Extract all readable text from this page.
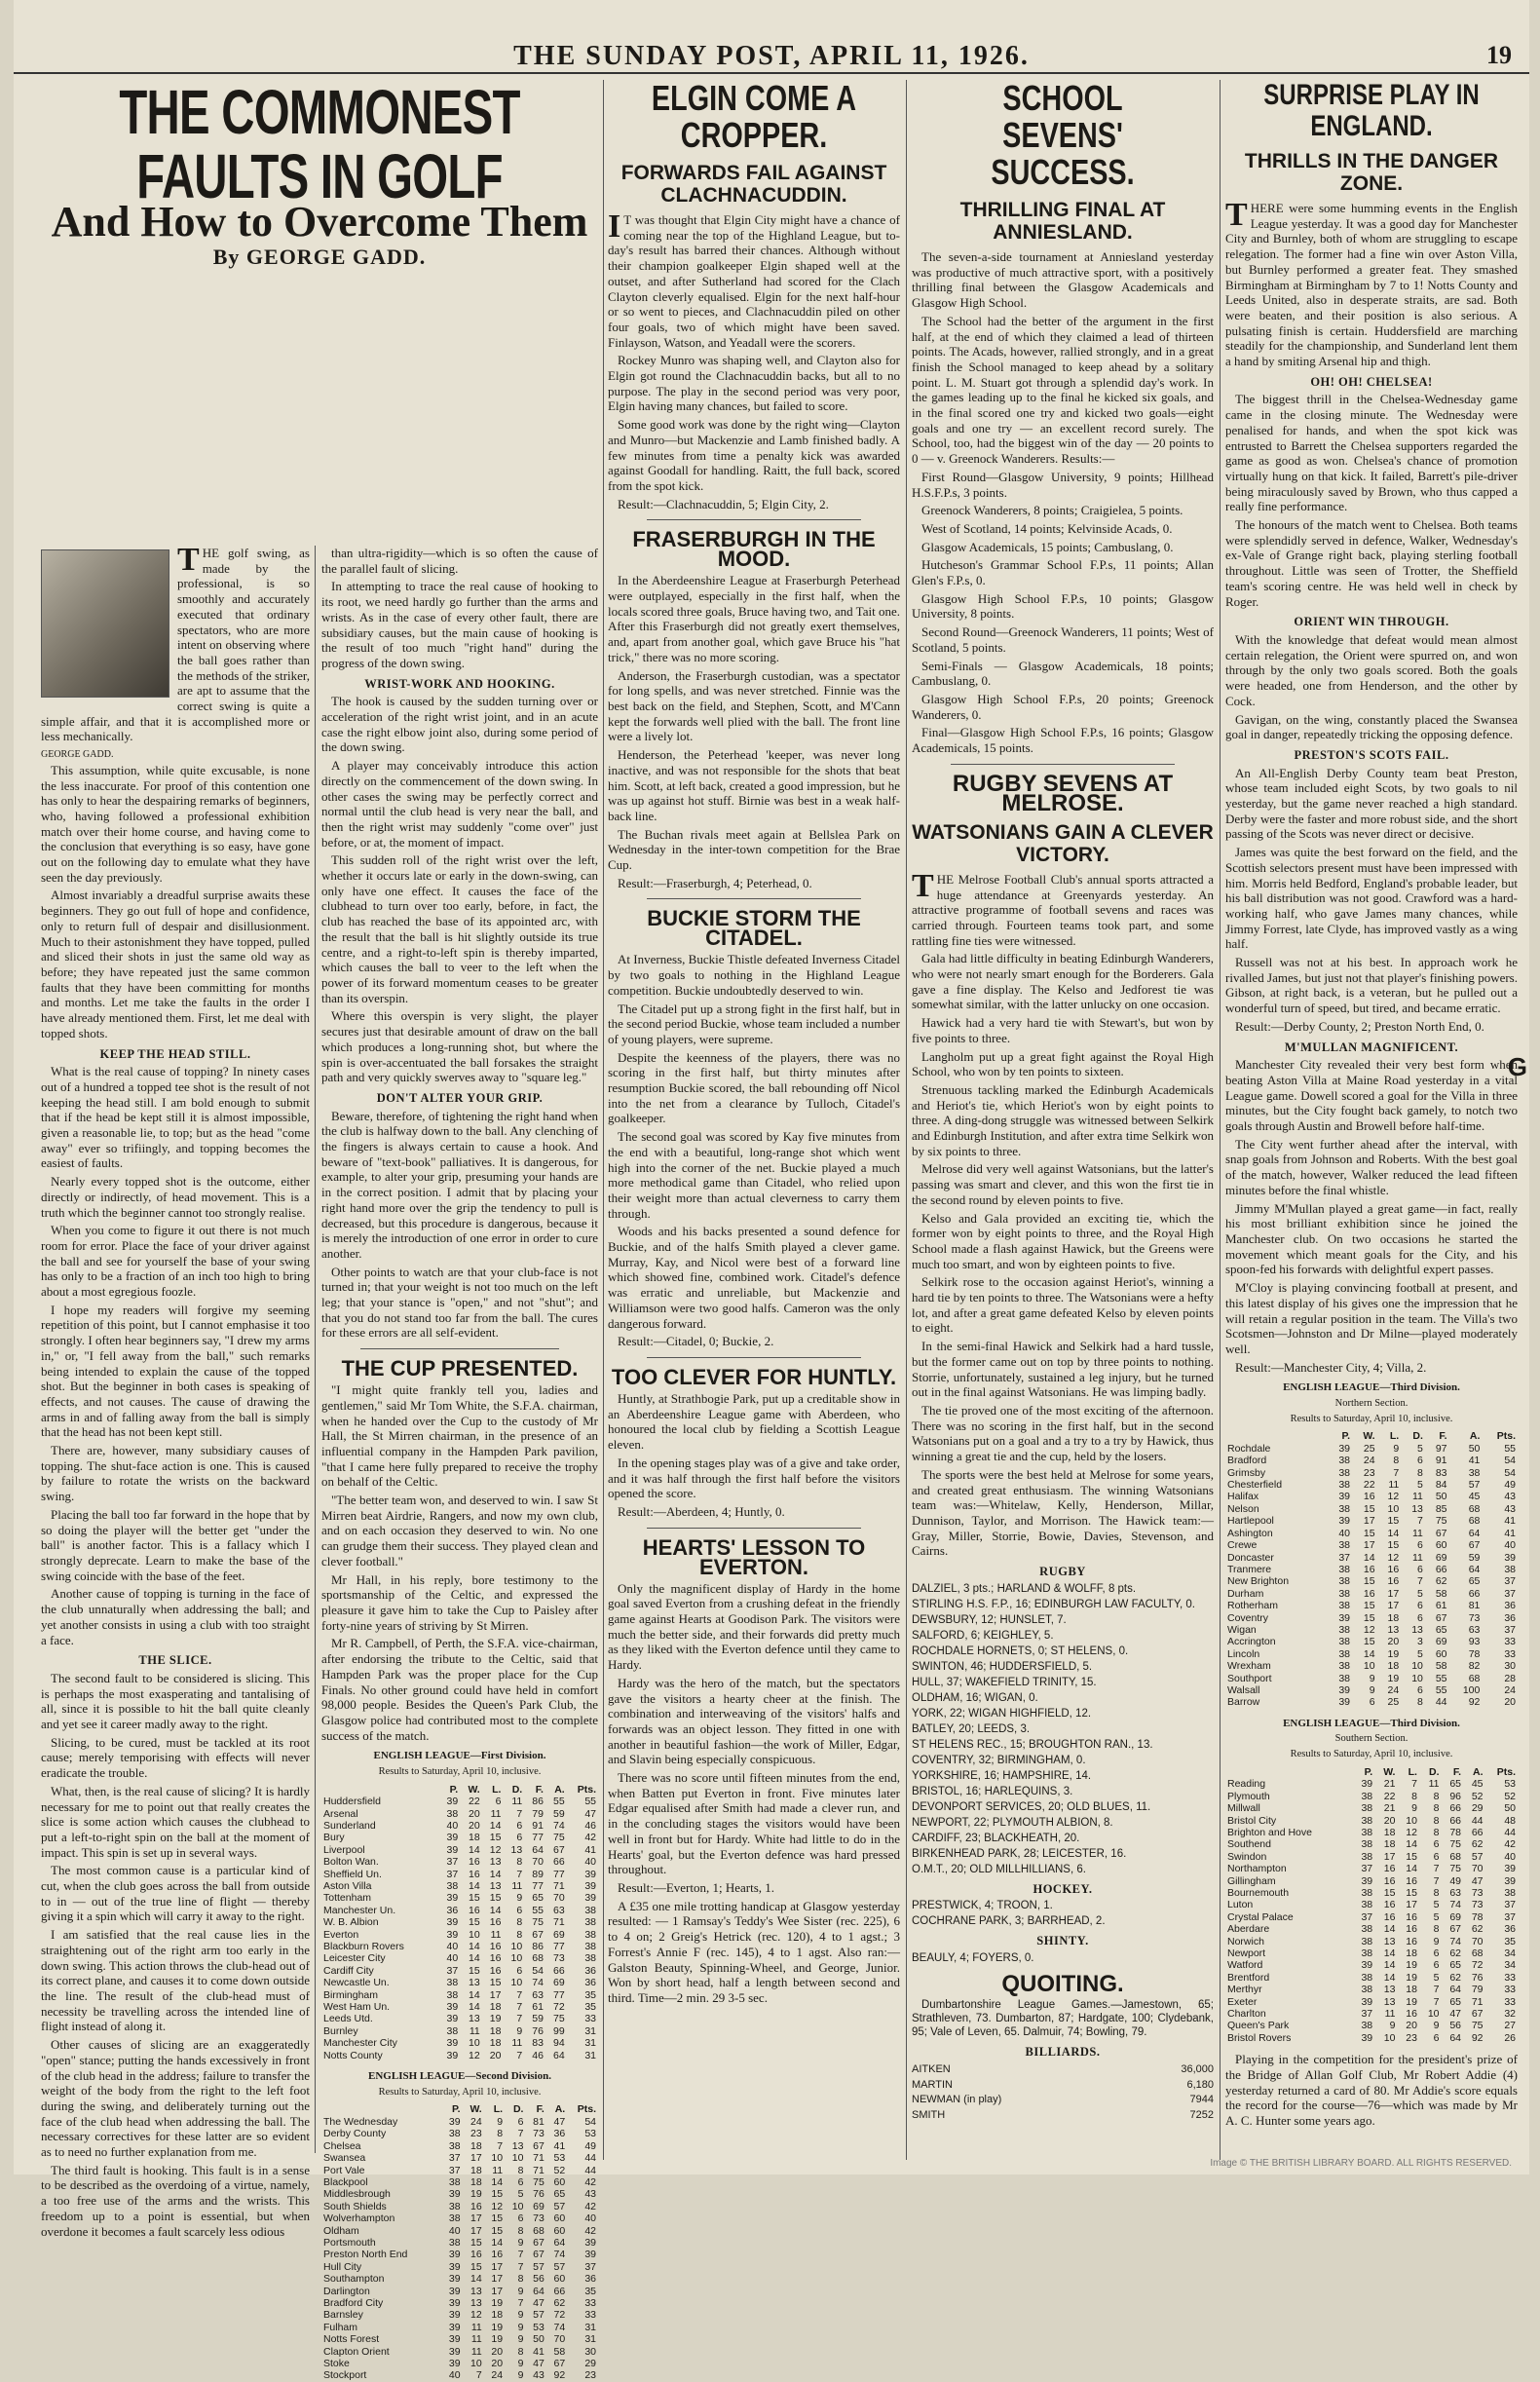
THE SUNDAY POST, APRIL 11, 1926.	19
THE COMMONEST FAULTS IN GOLF
And How to Overcome Them
By GEORGE GADD.

THE golf swing, as made by the professional, is so smoothly and accurately executed that ordinary spectators, who are more intent on observing where the ball goes rather than the methods of the striker, are apt to assume that the correct swing is quite a simple affair, and that it is accomplished more or less mechanically.

GEORGE GADD.

This assumption, while quite excusable, is none the less inaccurate. For proof of this contention one has only to hear the despairing remarks of beginners, who, having followed a professional exhibition match over their home course, and having come to the conclusion that everything is so easy, have gone out on the following day to emulate what they have seen the day previously.

Almost invariably a dreadful surprise awaits these beginners. They go out full of hope and confidence, only to return full of despair and disillusionment. Much to their astonishment they have topped, pulled and sliced their shots in just the same old way as before; they have repeated just the same common faults that they have been committing for months and months. Let me take the faults in the order I have already mentioned them. First, let me deal with topped shots.

KEEP THE HEAD STILL.

What is the real cause of topping? In ninety cases out of a hundred a topped tee shot is the result of not keeping the head still. I am bold enough to submit that if the head be kept still it is almost impossible, given a reasonable lie, to top; but as the head "come away" ever so trifiingly, and topping becomes the easiest of faults.

Nearly every topped shot is the outcome, either directly or indirectly, of head movement. This is a truth which the beginner cannot too strongly realise.

When you come to figure it out there is not much room for error. Place the face of your driver against the ball and see for yourself the base of your swing has only to be a fraction of an inch too high to bring about a most egregious foozle.

I hope my readers will forgive my seeming repetition of this point, but I cannot emphasise it too strongly. I often hear beginners say, "I drew my arms in," or, "I fell away from the ball," such remarks being intended to explain the cause of the topped shot. But the beginner in both cases is speaking of effects, and not causes. The cause of drawing the arms in and of falling away from the ball is simply that the head has not been kept still.

There are, however, many subsidiary causes of topping. The shut-face action is one. This is caused by failure to rotate the wrists on the backward swing.

Placing the ball too far forward in the hope that by so doing the player will the better get "under the ball" is another factor. This is a fallacy which I strongly deprecate. Learn to make the base of the swing coincide with the base of the feet.

Another cause of topping is turning in the face of the club unnaturally when addressing the ball; and yet another consists in using a club with too straight a face.

THE SLICE.

The second fault to be considered is slicing. This is perhaps the most exasperating and tantalising of all, since it is possible to hit the ball quite cleanly and yet see it career madly away to the right.

Slicing, to be cured, must be tackled at its root cause; merely temporising with effects will never eradicate the trouble.

What, then, is the real cause of slicing? It is hardly necessary for me to point out that really creates the slice is some action which causes the clubhead to put a left-to-right spin on the ball at the moment of impact. This spin is set up in several ways.

The most common cause is a particular kind of cut, when the club goes across the ball from outside to in — out of the true line of flight — thereby giving it a spin which will carry it away to the right.

I am satisfied that the real cause lies in the straightening out of the right arm too early in the down swing. This action throws the club-head out of its correct plane, and causes it to come down outside the line. The result of the club-head must of necessity be travelling across the intended line of flight instead of along it.

Other causes of slicing are an exaggeratedly "open" stance; putting the hands excessively in front of the club head in the address; failure to transfer the weight of the body from the right to the left foot during the swing, and deliberately turning out the face of the club head when addressing the ball. The necessary correctives for these latter are so evident as to need no further explanation from me.

The third fault is hooking. This fault is in a sense to be described as the overdoing of a virtue, namely, a too free use of the arms and the wrists. This freedom up to a point is essential, but when overdone it becomes a fault scarcely less odious

than ultra-rigidity—which is so often the cause of the parallel fault of slicing.

In attempting to trace the real cause of hooking to its root, we need hardly go further than the arms and wrists. As in the case of every other fault, there are subsidiary causes, but the main cause of hooking is the result of too much "right hand" during the progress of the down swing.

WRIST-WORK AND HOOKING.

The hook is caused by the sudden turning over or acceleration of the right wrist joint, and in an acute case the right elbow joint also, during some period of the down swing.

A player may conceivably introduce this action directly on the commencement of the down swing. In other cases the swing may be perfectly correct and normal until the club head is very near the ball, and then the right wrist may suddenly "come over" just before, or at, the moment of impact.

This sudden roll of the right wrist over the left, whether it occurs late or early in the down-swing, can only have one effect. It causes the face of the clubhead to turn over too early, before, in fact, the club has reached the base of its appointed arc, with the result that the ball is hit slightly outside its true centre, and a right-to-left spin is thereby imparted, which causes the ball to veer to the left when the power of its forward momentum ceases to be greater than its overspin.

Where this overspin is very slight, the player secures just that desirable amount of draw on the ball which produces a long-running shot, but where the spin is over-accentuated the ball forsakes the straight path and very quickly swerves away to "square leg."

DON'T ALTER YOUR GRIP.

Beware, therefore, of tightening the right hand when the club is halfway down to the ball. Any clenching of the fingers is always certain to cause a hook. And beware of "text-book" palliatives. It is dangerous, for example, to alter your grip, presuming your hands are in the correct position. I admit that by placing your right hand more over the grip the tendency to pull is decreased, but this procedure is dangerous, because it is merely the introduction of one error in order to cure another.

Other points to watch are that your club-face is not turned in; that your weight is not too much on the left leg; that your stance is "open," and not "shut"; and that you do not stand too far from the ball. The cures for these errors are all self-evident.

THE CUP PRESENTED.

"I might quite frankly tell you, ladies and gentlemen," said Mr Tom White, the S.F.A. chairman, when he handed over the Cup to the custody of Mr Hall, the St Mirren chairman, in the presence of an influential company in the Hampden Park pavilion, "that I came here fully prepared to receive the trophy on behalf of the Celtic.

"The better team won, and deserved to win. I saw St Mirren beat Airdrie, Rangers, and now my own club, and on each occasion they deserved to win. No one can grudge them their success. They played clean and clever football."

Mr Hall, in his reply, bore testimony to the sportsmanship of the Celtic, and expressed the pleasure it gave him to take the Cup to Paisley after forty-nine years of striving by St Mirren.

Mr R. Campbell, of Perth, the S.F.A. vice-chairman, after endorsing the tribute to the Celtic, said that Hampden Park was the proper place for the Cup Finals. No other ground could have held in comfort 98,000 people. Besides the Queen's Park Club, the Glasgow police had contributed most to the complete success of the match.

ENGLISH LEAGUE—First Division.
Results to Saturday, April 10, inclusive.
	P.	W.	L.	D.	F.	A.	Pts.
Huddersfield	39	22	6	11	86	55	55
Arsenal	38	20	11	7	79	59	47
Sunderland	40	20	14	6	91	74	46
Bury	39	18	15	6	77	75	42
Liverpool	39	14	12	13	64	67	41
Bolton Wan.	37	16	13	8	70	66	40
Sheffield Un.	37	16	14	7	89	77	39
Aston Villa	38	14	13	11	77	71	39
Tottenham	39	15	15	9	65	70	39
Manchester Un.	36	16	14	6	55	63	38
W. B. Albion	39	15	16	8	75	71	38
Everton	39	10	11	8	67	69	38
Blackburn Rovers	40	14	16	10	86	77	38
Leicester City	40	14	16	10	68	73	38
Cardiff City	37	15	16	6	54	66	36
Newcastle Un.	38	13	15	10	74	69	36
Birmingham	38	14	17	7	63	77	35
West Ham Un.	39	14	18	7	61	72	35
Leeds Utd.	39	13	19	7	59	75	33
Burnley	38	11	18	9	76	99	31
Manchester City	39	10	18	11	83	94	31
Notts County	39	12	20	7	46	64	31
ENGLISH LEAGUE—Second Division.
Results to Saturday, April 10, inclusive.
	P.	W.	L.	D.	F.	A.	Pts.
The Wednesday	39	24	9	6	81	47	54
Derby County	38	23	8	7	73	36	53
Chelsea	38	18	7	13	67	41	49
Swansea	37	17	10	10	71	53	44
Port Vale	37	18	11	8	71	52	44
Blackpool	38	18	14	6	75	60	42
Middlesbrough	39	19	15	5	76	65	43
South Shields	38	16	12	10	69	57	42
Wolverhampton	38	17	15	6	73	60	40
Oldham	40	17	15	8	68	60	42
Portsmouth	38	15	14	9	67	64	39
Preston North End	39	16	16	7	67	74	39
Hull City	39	15	17	7	57	57	37
Southampton	39	14	17	8	56	60	36
Darlington	39	13	17	9	64	66	35
Bradford City	39	13	19	7	47	62	33
Barnsley	39	12	18	9	57	72	33
Fulham	39	11	19	9	53	74	31
Notts Forest	39	11	19	9	50	70	31
Clapton Orient	39	11	20	8	41	58	30
Stoke	39	10	20	9	47	67	29
Stockport	40	7	24	9	43	92	23
ELGIN COME A CROPPER.
FORWARDS FAIL AGAINST CLACHNACUDDIN.

I T was thought that Elgin City might have a chance of coming near the top of the Highland League, but to-day's result has barred their chances. Although without their champion goalkeeper Elgin shaped well at the outset, and after Sutherland had scored for the Clach Clayton cleverly equalised. Elgin for the next half-hour or so went to pieces, and Clachnacuddin piled on other four goals, two of which might have been saved. Finlayson, Watson, and Yeadall were the scorers.

Rockey Munro was shaping well, and Clayton also for Elgin got round the Clachnacuddin backs, but all to no purpose. The play in the second period was very poor, Elgin having many chances, but failed to score.

Some good work was done by the right wing—Clayton and Munro—but Mackenzie and Lamb finished badly. A few minutes from time a penalty kick was awarded against Goodall for handling. Raitt, the full back, scored from the spot kick.

Result:—Clachnacuddin, 5; Elgin City, 2.

FRASERBURGH IN THE MOOD.

In the Aberdeenshire League at Fraserburgh Peterhead were outplayed, especially in the first half, when the locals scored three goals, Bruce having two, and Tait one. After this Fraserburgh did not greatly exert themselves, and, apart from another goal, which gave Bruce his "hat trick," there was no more scoring.

Anderson, the Fraserburgh custodian, was a spectator for long spells, and was never stretched. Finnie was the best back on the field, and Stephen, Scott, and M'Cann kept the forwards well plied with the ball. The front line were a lively lot.

Henderson, the Peterhead 'keeper, was never long inactive, and was not responsible for the shots that beat him. Scott, at left back, created a good impression, but he was up against hot stuff. Birnie was best in a weak half-back line.

The Buchan rivals meet again at Bellslea Park on Wednesday in the inter-town competition for the Brae Cup.

Result:—Fraserburgh, 4; Peterhead, 0.

BUCKIE STORM THE CITADEL.

At Inverness, Buckie Thistle defeated Inverness Citadel by two goals to nothing in the Highland League competition. Buckie undoubtedly deserved to win.

The Citadel put up a strong fight in the first half, but in the second period Buckie, whose team included a number of young players, were supreme.

Despite the keenness of the players, there was no scoring in the first half, but thirty minutes after resumption Buckie scored, the ball rebounding off Nicol into the net from a clearance by Tulloch, Citadel's goalkeeper.

The second goal was scored by Kay five minutes from the end with a beautiful, long-range shot which went high into the corner of the net. Buckie played a much more methodical game than Citadel, who relied upon their weight more than actual cleverness to carry them through.

Woods and his backs presented a sound defence for Buckie, and of the halfs Smith played a clever game. Murray, Kay, and Nicol were best of a forward line which showed fine, combined work. Citadel's defence was erratic and unreliable, but Mackenzie and Williamson were two good halfs. Cameron was the only dangerous forward.

Result:—Citadel, 0; Buckie, 2.

TOO CLEVER FOR HUNTLY.

Huntly, at Strathbogie Park, put up a creditable show in an Aberdeenshire League game with Aberdeen, who honoured the local club by fielding a Scottish League eleven.

In the opening stages play was of a give and take order, and it was half through the first half before the visitors opened the score.

Result:—Aberdeen, 4; Huntly, 0.

HEARTS' LESSON TO EVERTON.

Only the magnificent display of Hardy in the home goal saved Everton from a crushing defeat in the friendly game against Hearts at Goodison Park. The visitors were much the better side, and their forwards did pretty much as they liked with the Everton defence until they came to Hardy.

Hardy was the hero of the match, but the spectators gave the visitors a hearty cheer at the finish. The combination and interweaving of the visitors' halfs and forwards was an object lesson. They fitted in one with another in beautiful fashion—the work of Miller, Edgar, and Slavin being especially conspicuous.

There was no score until fifteen minutes from the end, when Batten put Everton in front. Five minutes later Edgar equalised after Smith had made a clever run, and in the concluding stages the visitors would have been well in front but for Hardy. White had little to do in the Hearts' goal, but the Everton defence was hard pressed throughout.

Result:—Everton, 1; Hearts, 1.

A £35 one mile trotting handicap at Glasgow yesterday resulted: — 1 Ramsay's Teddy's Wee Sister (rec. 225), 6 to 4 on; 2 Greig's Hetrick (rec. 120), 4 to 1 agst.; 3 Forrest's Annie F (rec. 145), 4 to 1 agst. Also ran:— Galston Beauty, Spinning-Wheel, and George, Junior. Won by short head, half a length between second and third. Time—2 min. 29 3-5 sec.

SCHOOL SEVENS' SUCCESS.
THRILLING FINAL AT ANNIESLAND.

The seven-a-side tournament at Anniesland yesterday was productive of much attractive sport, with a positively thrilling final between the Glasgow Academicals and Glasgow High School.

The School had the better of the argument in the first half, at the end of which they claimed a lead of thirteen points. The Acads, however, rallied strongly, and in a great finish the School managed to keep ahead by a solitary point. L. M. Stuart got through a splendid day's work. In the games leading up to the final he kicked six goals, and in the final scored one try and kicked two goals—eight goals and one try — an excellent record surely. The School, too, had the biggest win of the day — 20 points to 0 — v. Greenock Wanderers. Results:—

First Round—Glasgow University, 9 points; Hillhead H.S.F.P.s, 3 points.

Greenock Wanderers, 8 points; Craigielea, 5 points.

West of Scotland, 14 points; Kelvinside Acads, 0.

Glasgow Academicals, 15 points; Cambuslang, 0.

Hutcheson's Grammar School F.P.s, 11 points; Allan Glen's F.P.s, 0.

Glasgow High School F.P.s, 10 points; Glasgow University, 8 points.

Second Round—Greenock Wanderers, 11 points; West of Scotland, 5 points.

Semi-Finals — Glasgow Academicals, 18 points; Cambuslang, 0.

Glasgow High School F.P.s, 20 points; Greenock Wanderers, 0.

Final—Glasgow High School F.P.s, 16 points; Glasgow Academicals, 15 points.

RUGBY SEVENS AT MELROSE.
WATSONIANS GAIN A CLEVER VICTORY.

THE Melrose Football Club's annual sports attracted a huge attendance at Greenyards yesterday. An attractive programme of football sevens and races was carried through. Fourteen teams took part, and some rattling fine ties were witnessed.

Gala had little difficulty in beating Edinburgh Wanderers, who were not nearly smart enough for the Borderers. Gala gave a fine display. The Kelso and Jedforest tie was somewhat similar, with the latter unlucky on one occasion.

Hawick had a very hard tie with Stewart's, but won by five points to three.

Langholm put up a great fight against the Royal High School, who won by ten points to sixteen.

Strenuous tackling marked the Edinburgh Academicals and Heriot's tie, which Heriot's won by eight points to three. A ding-dong struggle was witnessed between Selkirk and Edinburgh Institution, and after extra time Selkirk won by six points to three.

Melrose did very well against Watsonians, but the latter's passing was smart and clever, and this won the first tie in the second round by eleven points to five.

Kelso and Gala provided an exciting tie, which the former won by eight points to three, and the Royal High School made a flash against Hawick, but the Greens were much too smart, and won by eighteen points to five.

Selkirk rose to the occasion against Heriot's, winning a hard tie by ten points to three. The Watsonians were a hefty lot, and after a great game defeated Kelso by eleven points to eight.

In the semi-final Hawick and Selkirk had a hard tussle, but the former came out on top by three points to nothing. Storrie, unfortunately, sustained a leg injury, but he turned out in the final against Watsonians. He was limping badly.

The tie proved one of the most exciting of the afternoon. There was no scoring in the first half, but in the second Watsonians put on a goal and a try to a try by Hawick, thus winning a great tie and the cup, held by the losers.

The sports were the best held at Melrose for some years, and created great enthusiasm. The winning Watsonians team was:—Whitelaw, Kelly, Henderson, Millar, Dunnison, Taylor, and Morrison. The Hawick team:—Gray, Miller, Storrie, Bowie, Davies, Stevenson, and Cairns.

RUGBY
DALZIEL, 3 pts.; HARLAND & WOLFF, 8 pts.
STIRLING H.S. F.P., 16; EDINBURGH LAW FACULTY, 0.
DEWSBURY, 12; HUNSLET, 7.
SALFORD, 6; KEIGHLEY, 5.
ROCHDALE HORNETS, 0; ST HELENS, 0.
SWINTON, 46; HUDDERSFIELD, 5.
HULL, 37; WAKEFIELD TRINITY, 15.
OLDHAM, 16; WIGAN, 0.
YORK, 22; WIGAN HIGHFIELD, 12.
BATLEY, 20; LEEDS, 3.
ST HELENS REC., 15; BROUGHTON RAN., 13.
COVENTRY, 32; BIRMINGHAM, 0.
YORKSHIRE, 16; HAMPSHIRE, 14.
BRISTOL, 16; HARLEQUINS, 3.
DEVONPORT SERVICES, 20; OLD BLUES, 11.
NEWPORT, 22; PLYMOUTH ALBION, 8.
CARDIFF, 23; BLACKHEATH, 20.
BIRKENHEAD PARK, 28; LEICESTER, 16.
O.M.T., 20; OLD MILLHILLIANS, 6.
HOCKEY.
PRESTWICK, 4; TROON, 1.
COCHRANE PARK, 3; BARRHEAD, 2.
SHINTY.
BEAULY, 4; FOYERS, 0.
QUOITING.

Dumbartonshire League Games.—Jamestown, 65; Strathleven, 73. Dumbarton, 87; Hardgate, 100; Clydebank, 95; Vale of Leven, 65. Dalmuir, 74; Bowling, 79.

BILLIARDS.
AITKEN	36,000
MARTIN	6,180
NEWMAN (in play)	7944
SMITH	7252
SURPRISE PLAY IN ENGLAND.
THRILLS IN THE DANGER ZONE.

THERE were some humming events in the English League yesterday. It was a good day for Manchester City and Burnley, both of whom are struggling to escape relegation. The former had a fine win over Aston Villa, but Burnley performed a greater feat. They smashed Birmingham at Birmingham by 7 to 1! Notts County and Leeds United, also in desperate straits, are sad. Both were beaten, and their position is also serious. A pulsating finish is certain. Huddersfield are marching steadily for the championship, and Sunderland lent them a hand by smiting Arsenal hip and thigh.

OH! OH! CHELSEA!

The biggest thrill in the Chelsea-Wednesday game came in the closing minute. The Wednesday were penalised for hands, and when the spot kick was entrusted to Barrett the Chelsea supporters regarded the game as good as won. Chelsea's chance of promotion virtually hung on that kick. It failed, Barrett's pile-driver being miraculously saved by Brown, who thus capped a really fine performance.

The honours of the match went to Chelsea. Both teams were splendidly served in defence, Walker, Wednesday's ex-Vale of Grange right back, playing sterling football throughout. Little was seen of Trotter, the Sheffield team's scoring centre. He was held well in check by Roger.

ORIENT WIN THROUGH.

With the knowledge that defeat would mean almost certain relegation, the Orient were spurred on, and won through by the only two goals scored. Both the goals were headed, one from Henderson, and the other by Cock.

Gavigan, on the wing, constantly placed the Swansea goal in danger, repeatedly tricking the opposing defence.

PRESTON'S SCOTS FAIL.

An All-English Derby County team beat Preston, whose team included eight Scots, by two goals to nil yesterday, but the game never reached a high standard. Derby were the faster and more robust side, and the short passing of the Scots was never direct or decisive.

James was quite the best forward on the field, and the Scottish selectors present must have been impressed with him. Morris held Bedford, England's probable leader, but his ball distribution was not good. Crawford was a hard-working half, who gave James many chances, while Jimmy Forrest, late Clyde, has improved vastly as a wing half.

Russell was not at his best. In approach work he rivalled James, but just not that player's finishing powers. Gibson, at right back, is a veteran, but he pulled out a wonderful turn of speed, but tired, and became erratic.

Result:—Derby County, 2; Preston North End, 0.

M'MULLAN MAGNIFICENT.

Manchester City revealed their very best form when beating Aston Villa at Maine Road yesterday in a vital League game. Dowell scored a goal for the Villa in three minutes, but the City fought back gamely, to notch two goals through Austin and Browell before half-time.

The City went further ahead after the interval, with snap goals from Johnson and Roberts. With the best goal of the match, however, Walker reduced the lead fifteen minutes before the final whistle.

Jimmy M'Mullan played a great game—in fact, really his most brilliant exhibition since he joined the Manchester club. On two occasions he started the movement which meant goals for the City, and his spoon-fed his forwards with delightful expert passes.

M'Cloy is playing convincing football at present, and this latest display of his gives one the impression that he will retain a regular position in the team. The Villa's two Scotsmen—Johnston and Dr Milne—played moderately well.

Result:—Manchester City, 4; Villa, 2.

ENGLISH LEAGUE—Third Division.
Northern Section.
Results to Saturday, April 10, inclusive.
	P.	W.	L.	D.	F.	A.	Pts.
Rochdale	39	25	9	5	97	50	55
Bradford	38	24	8	6	91	41	54
Grimsby	38	23	7	8	83	38	54
Chesterfield	38	22	11	5	84	57	49
Halifax	39	16	12	11	50	45	43
Nelson	38	15	10	13	85	68	43
Hartlepool	39	17	15	7	75	68	41
Ashington	40	15	14	11	67	64	41
Crewe	38	17	15	6	60	67	40
Doncaster	37	14	12	11	69	59	39
Tranmere	38	16	16	6	66	64	38
New Brighton	38	15	16	7	62	65	37
Durham	38	16	17	5	58	66	37
Rotherham	38	15	17	6	61	81	36
Coventry	39	15	18	6	67	73	36
Wigan	38	12	13	13	65	63	37
Accrington	38	15	20	3	69	93	33
Lincoln	38	14	19	5	60	78	33
Wrexham	38	10	18	10	58	82	30
Southport	38	9	19	10	55	68	28
Walsall	39	9	24	6	55	100	24
Barrow	39	6	25	8	44	92	20
ENGLISH LEAGUE—Third Division.
Southern Section.
Results to Saturday, April 10, inclusive.
	P.	W.	L.	D.	F.	A.	Pts.
Reading	39	21	7	11	65	45	53
Plymouth	38	22	8	8	96	52	52
Millwall	38	21	9	8	66	29	50
Bristol City	38	20	10	8	66	44	48
Brighton and Hove	38	18	12	8	78	66	44
Southend	38	18	14	6	75	62	42
Swindon	38	17	15	6	68	57	40
Northampton	37	16	14	7	75	70	39
Gillingham	39	16	16	7	49	47	39
Bournemouth	38	15	15	8	63	73	38
Luton	38	16	17	5	74	73	37
Crystal Palace	37	16	16	5	69	78	37
Aberdare	38	14	16	8	67	62	36
Norwich	38	13	16	9	74	70	35
Newport	38	14	18	6	62	68	34
Watford	39	14	19	6	65	72	34
Brentford	38	14	19	5	62	76	33
Merthyr	38	13	18	7	64	79	33
Exeter	39	13	19	7	65	71	33
Charlton	37	11	16	10	47	67	32
Queen's Park	38	9	20	9	56	75	27
Bristol Rovers	39	10	23	6	64	92	26

Playing in the competition for the president's prize of the Bridge of Allan Golf Club, Mr Robert Addie (4) yesterday returned a card of 80. Mr Addie's score equals the record for the course—76—which was made by Mr A. C. Hunter some years ago.

G
Image © THE BRITISH LIBRARY BOARD. ALL RIGHTS RESERVED.
